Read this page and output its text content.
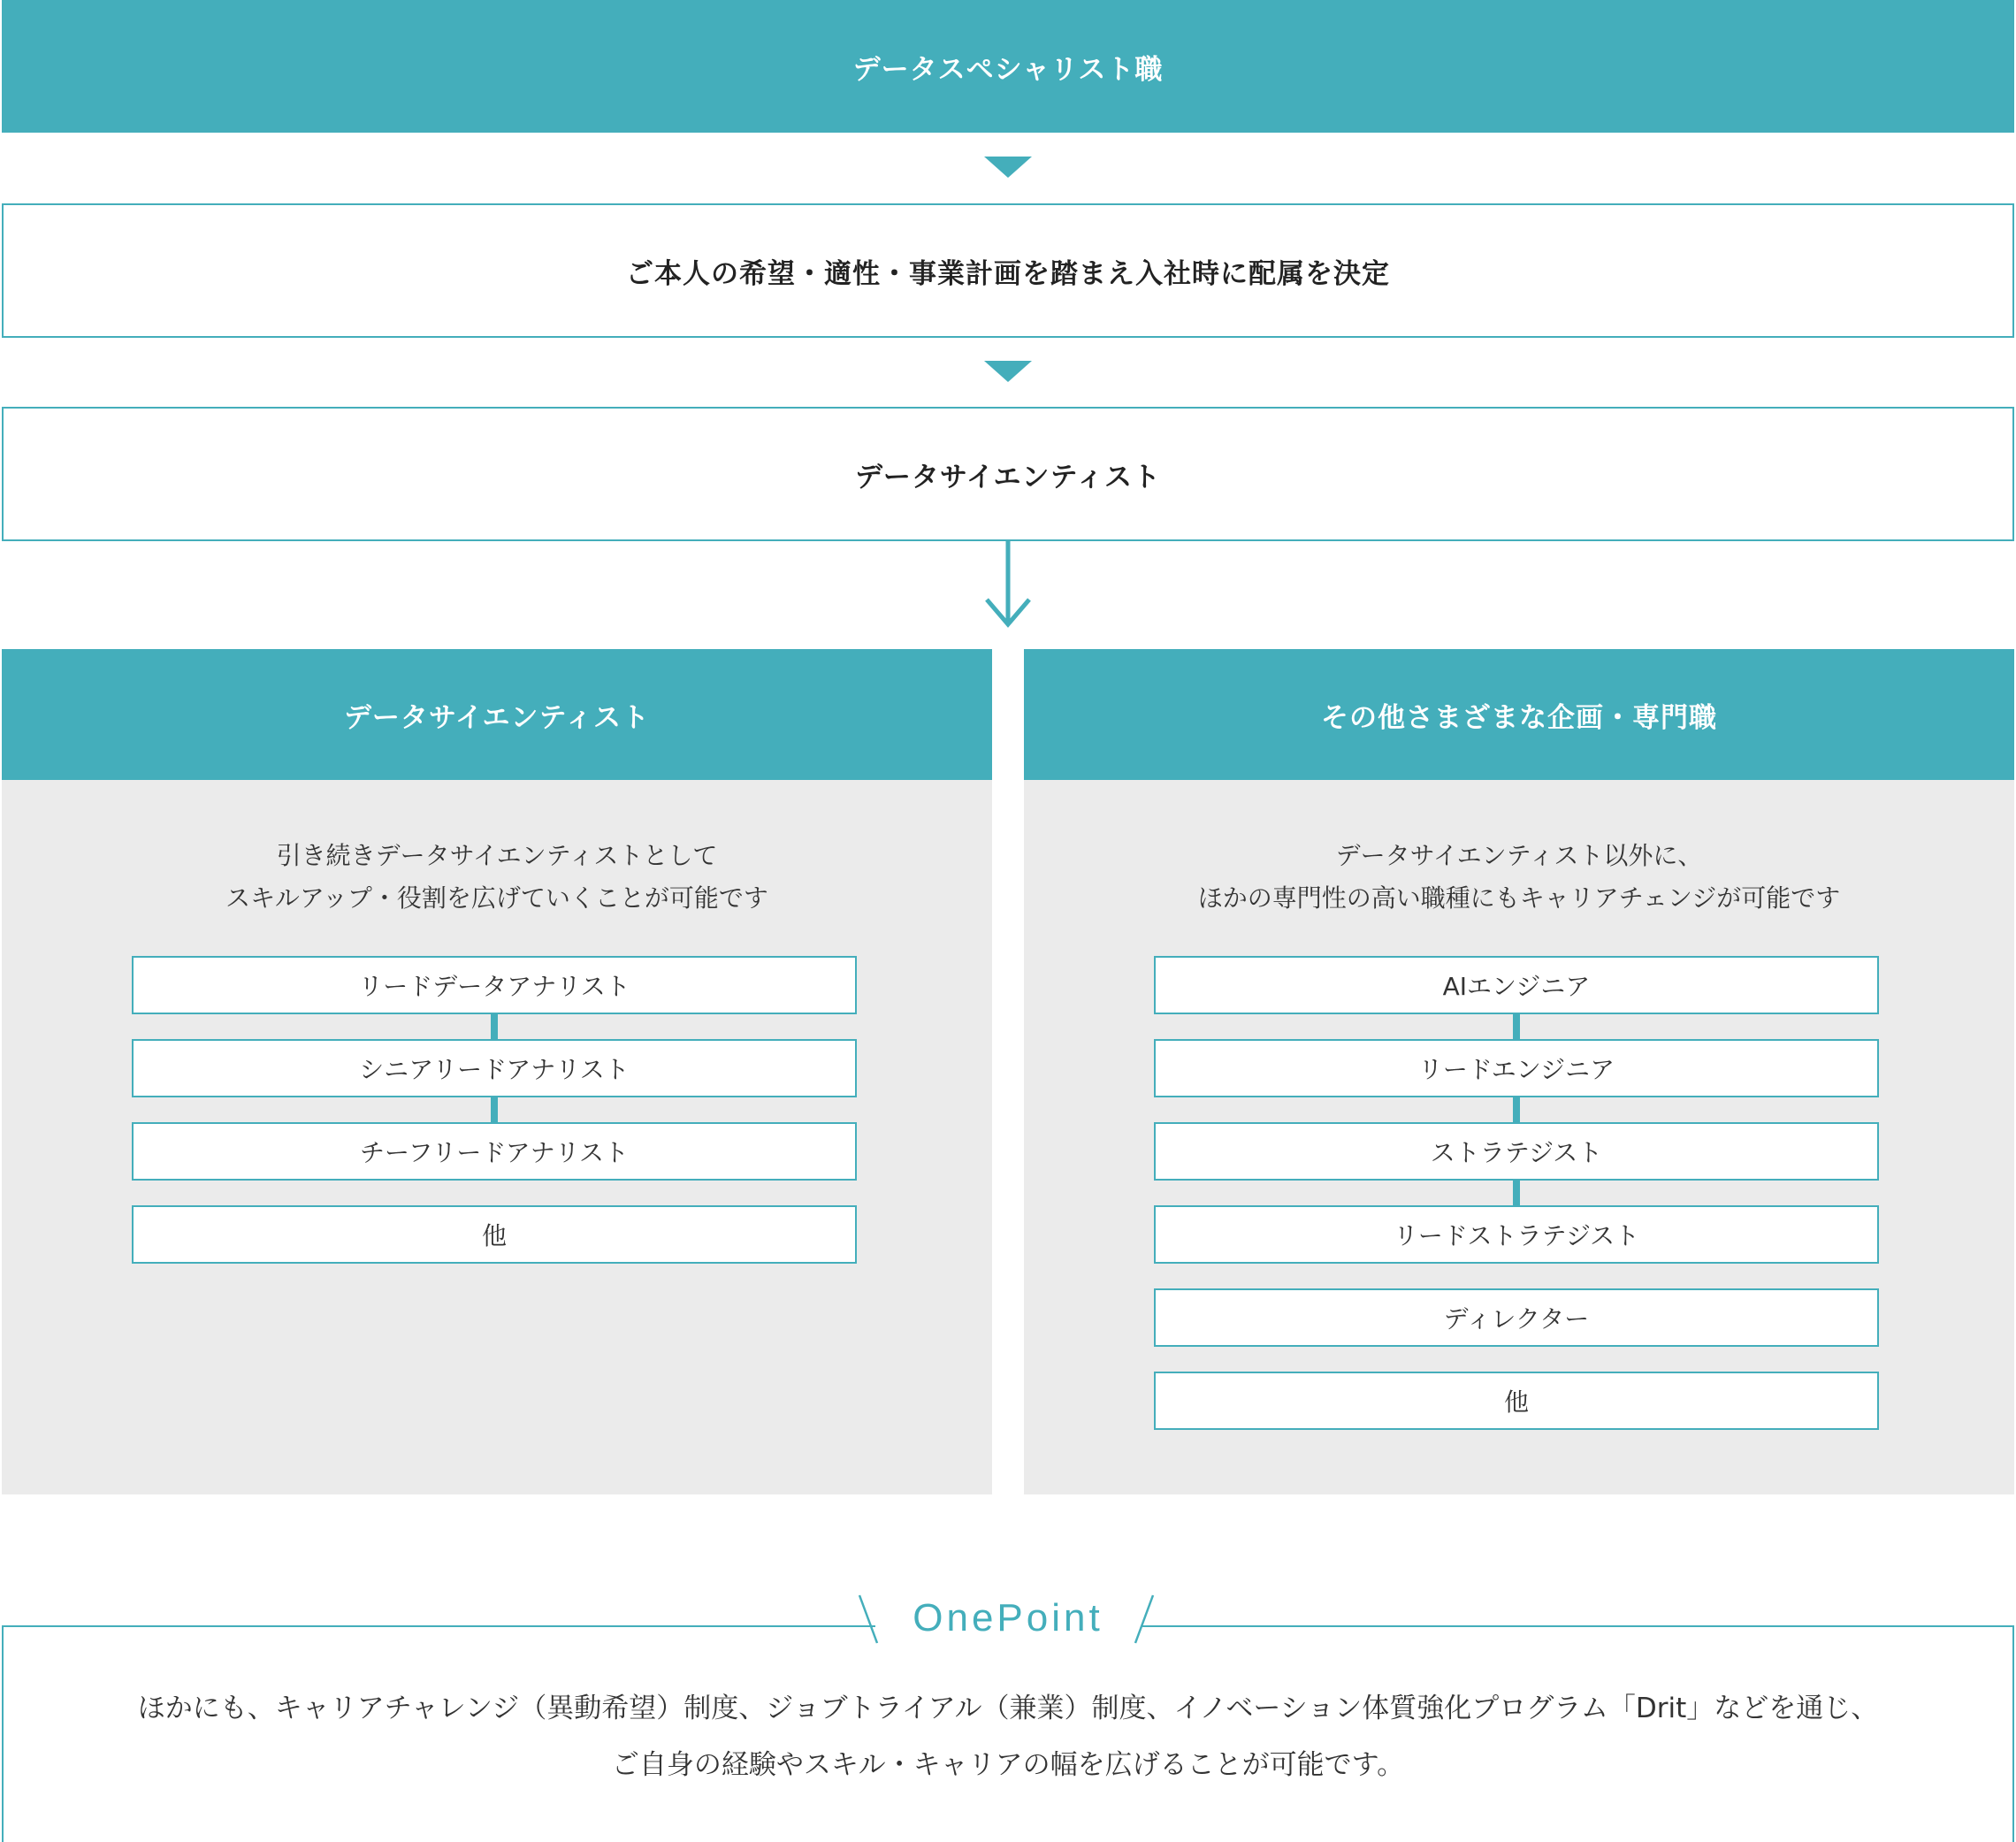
データスペシャリスト職
ご本人の希望・適性・事業計画を踏まえ入社時に配属を決定
データサイエンティスト
データサイエンティスト
引き続きデータサイエンティストとして
スキルアップ・役割を広げていくことが可能です
リードデータアナリスト
シニアリードアナリスト
チーフリードアナリスト
他
その他さまざまな企画・専門職
データサイエンティスト以外に、
ほかの専門性の高い職種にもキャリアチェンジが可能です
AIエンジニア
リードエンジニア
ストラテジスト
リードストラテジスト
ディレクター
他
OnePoint
ほかにも、キャリアチャレンジ（異動希望）制度、ジョブトライアル（兼業）制度、イノベーション体質強化プログラム「Drit」などを通じ、
ご自身の経験やスキル・キャリアの幅を広げることが可能です。
